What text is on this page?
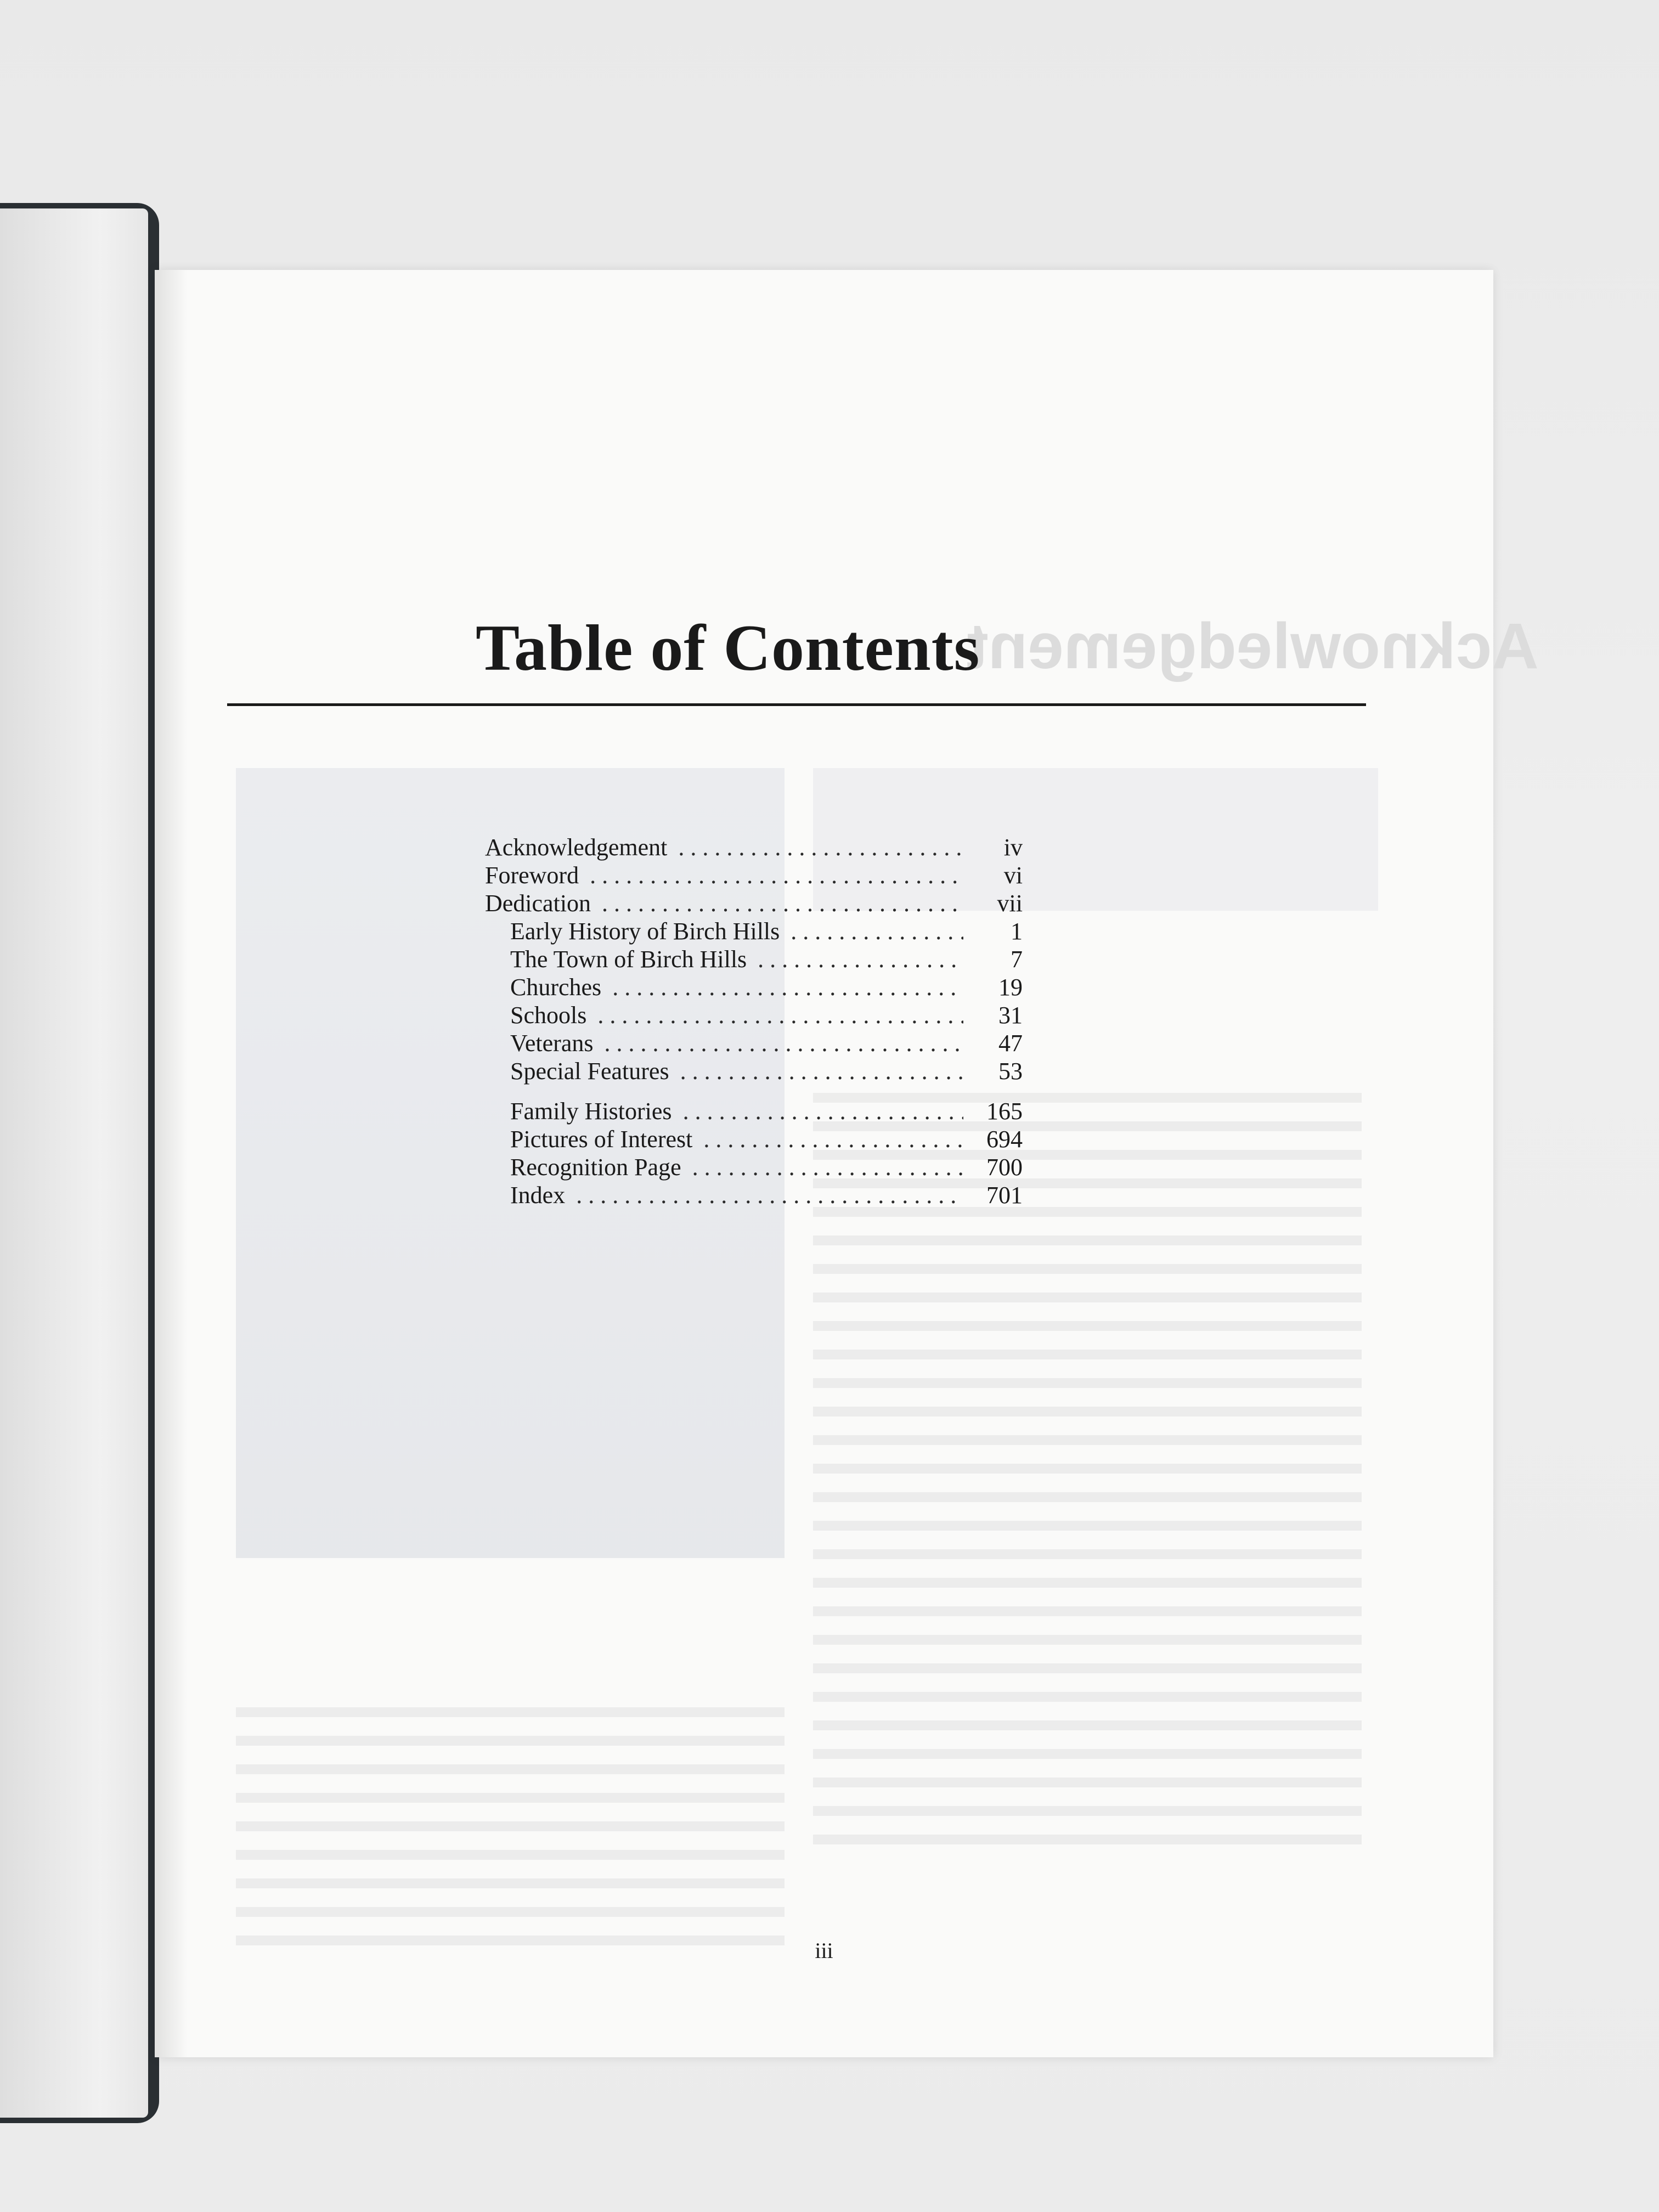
Acknowledgement
Table of Contents
Acknowledgement . . .	iv
Foreword . . .	vi
Dedication . . .	vii
Early History of Birch Hills . . .	1
The Town of Birch Hills . . .	7
Churches . . .	19
Schools . . .	31
Veterans . . .	47
Special Features . . .	53
Family Histories . . .	165
Pictures of Interest . . .	694
Recognition Page . . .	700
Index . . .	701
iii
